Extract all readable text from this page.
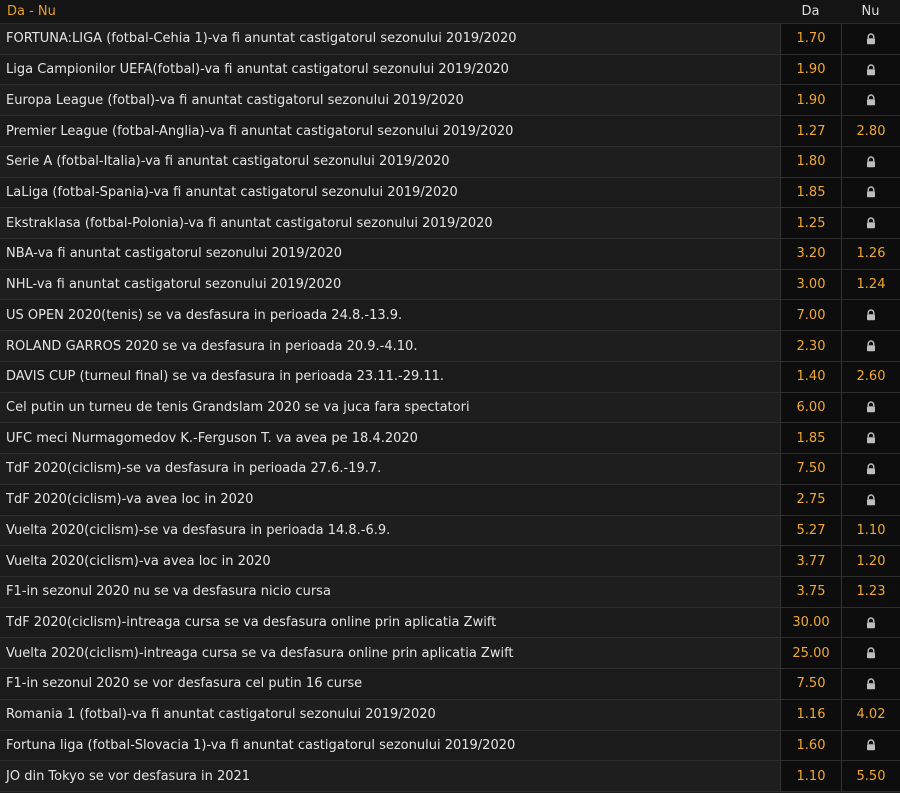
Da - Nu	Da	Nu
FORTUNA:LIGA (fotbal-Cehia 1)-va fi anuntat castigatorul sezonului 2019/2020	1.70
Liga Campionilor UEFA(fotbal)-va fi anuntat castigatorul sezonului 2019/2020	1.90
Europa League (fotbal)-va fi anuntat castigatorul sezonului 2019/2020	1.90
Premier League (fotbal-Anglia)-va fi anuntat castigatorul sezonului 2019/2020	1.27	2.80
Serie A (fotbal-Italia)-va fi anuntat castigatorul sezonului 2019/2020	1.80
LaLiga (fotbal-Spania)-va fi anuntat castigatorul sezonului 2019/2020	1.85
Ekstraklasa (fotbal-Polonia)-va fi anuntat castigatorul sezonului 2019/2020	1.25
NBA-va fi anuntat castigatorul sezonului 2019/2020	3.20	1.26
NHL-va fi anuntat castigatorul sezonului 2019/2020	3.00	1.24
US OPEN 2020(tenis) se va desfasura in perioada 24.8.-13.9.	7.00
ROLAND GARROS 2020 se va desfasura in perioada 20.9.-4.10.	2.30
DAVIS CUP (turneul final) se va desfasura in perioada 23.11.-29.11.	1.40	2.60
Cel putin un turneu de tenis Grandslam 2020 se va juca fara spectatori	6.00
UFC meci Nurmagomedov K.-Ferguson T. va avea pe 18.4.2020	1.85
TdF 2020(ciclism)-se va desfasura in perioada 27.6.-19.7.	7.50
TdF 2020(ciclism)-va avea loc in 2020	2.75
Vuelta 2020(ciclism)-se va desfasura in perioada 14.8.-6.9.	5.27	1.10
Vuelta 2020(ciclism)-va avea loc in 2020	3.77	1.20
F1-in sezonul 2020 nu se va desfasura nicio cursa	3.75	1.23
TdF 2020(ciclism)-intreaga cursa se va desfasura online prin aplicatia Zwift	30.00
Vuelta 2020(ciclism)-intreaga cursa se va desfasura online prin aplicatia Zwift	25.00
F1-in sezonul 2020 se vor desfasura cel putin 16 curse	7.50
Romania 1 (fotbal)-va fi anuntat castigatorul sezonului 2019/2020	1.16	4.02
Fortuna liga (fotbal-Slovacia 1)-va fi anuntat castigatorul sezonului 2019/2020	1.60
JO din Tokyo se vor desfasura in 2021	1.10	5.50
